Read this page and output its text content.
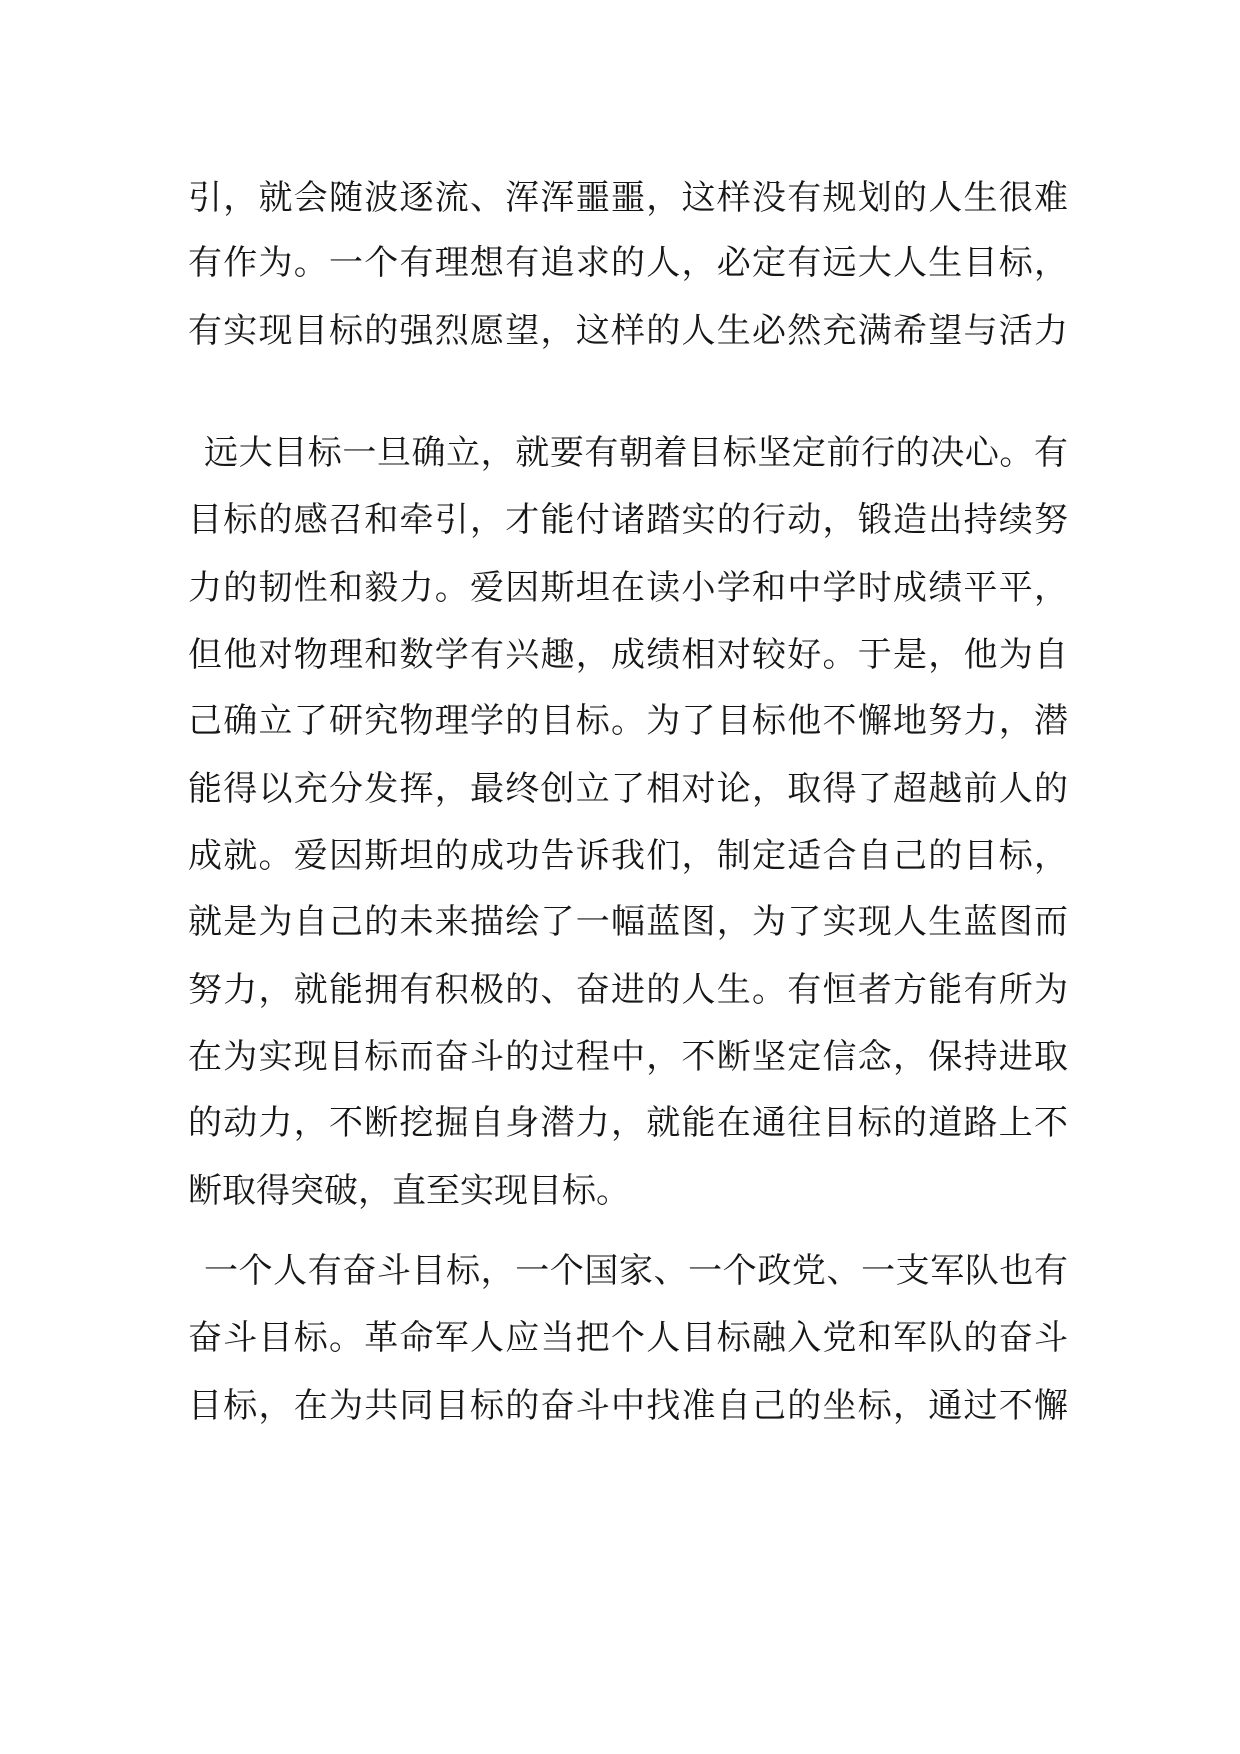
引，就会随波逐流、浑浑噩噩，这样没有规划的人生很难
有作为。一个有理想有追求的人，必定有远大人生目标，
有实现目标的强烈愿望，这样的人生必然充满希望与活力
远大目标一旦确立，就要有朝着目标坚定前行的决心。有
目标的感召和牵引，才能付诸踏实的行动，锻造出持续努
力的韧性和毅力。爱因斯坦在读小学和中学时成绩平平，
但他对物理和数学有兴趣，成绩相对较好。于是，他为自
己确立了研究物理学的目标。为了目标他不懈地努力，潜
能得以充分发挥，最终创立了相对论，取得了超越前人的
成就。爱因斯坦的成功告诉我们，制定适合自己的目标，
就是为自己的未来描绘了一幅蓝图，为了实现人生蓝图而
努力，就能拥有积极的、奋进的人生。有恒者方能有所为
在为实现目标而奋斗的过程中，不断坚定信念，保持进取
的动力，不断挖掘自身潜力，就能在通往目标的道路上不
断取得突破，直至实现目标。
一个人有奋斗目标，一个国家、一个政党、一支军队也有
奋斗目标。革命军人应当把个人目标融入党和军队的奋斗
目标，在为共同目标的奋斗中找准自己的坐标，通过不懈
